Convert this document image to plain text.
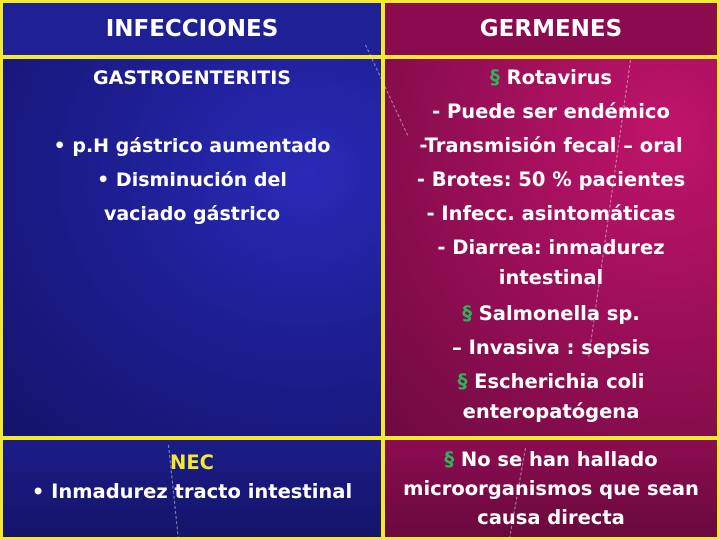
INFECCIONES	GERMENES
GASTROENTERITIS
• p.H gástrico aumentado
• Disminución del
vaciado gástrico
§ Rotavirus
- Puede ser endémico
-Transmisión fecal – oral
- Brotes: 50 % pacientes
- Infecc. asintomáticas
- Diarrea: inmadurez
intestinal
§ Salmonella sp.
– Invasiva : sepsis
§ Escherichia coli
enteropatógena
NEC
• Inmadurez tracto intestinal
§ No se han hallado
microorganismos que sean
causa directa
